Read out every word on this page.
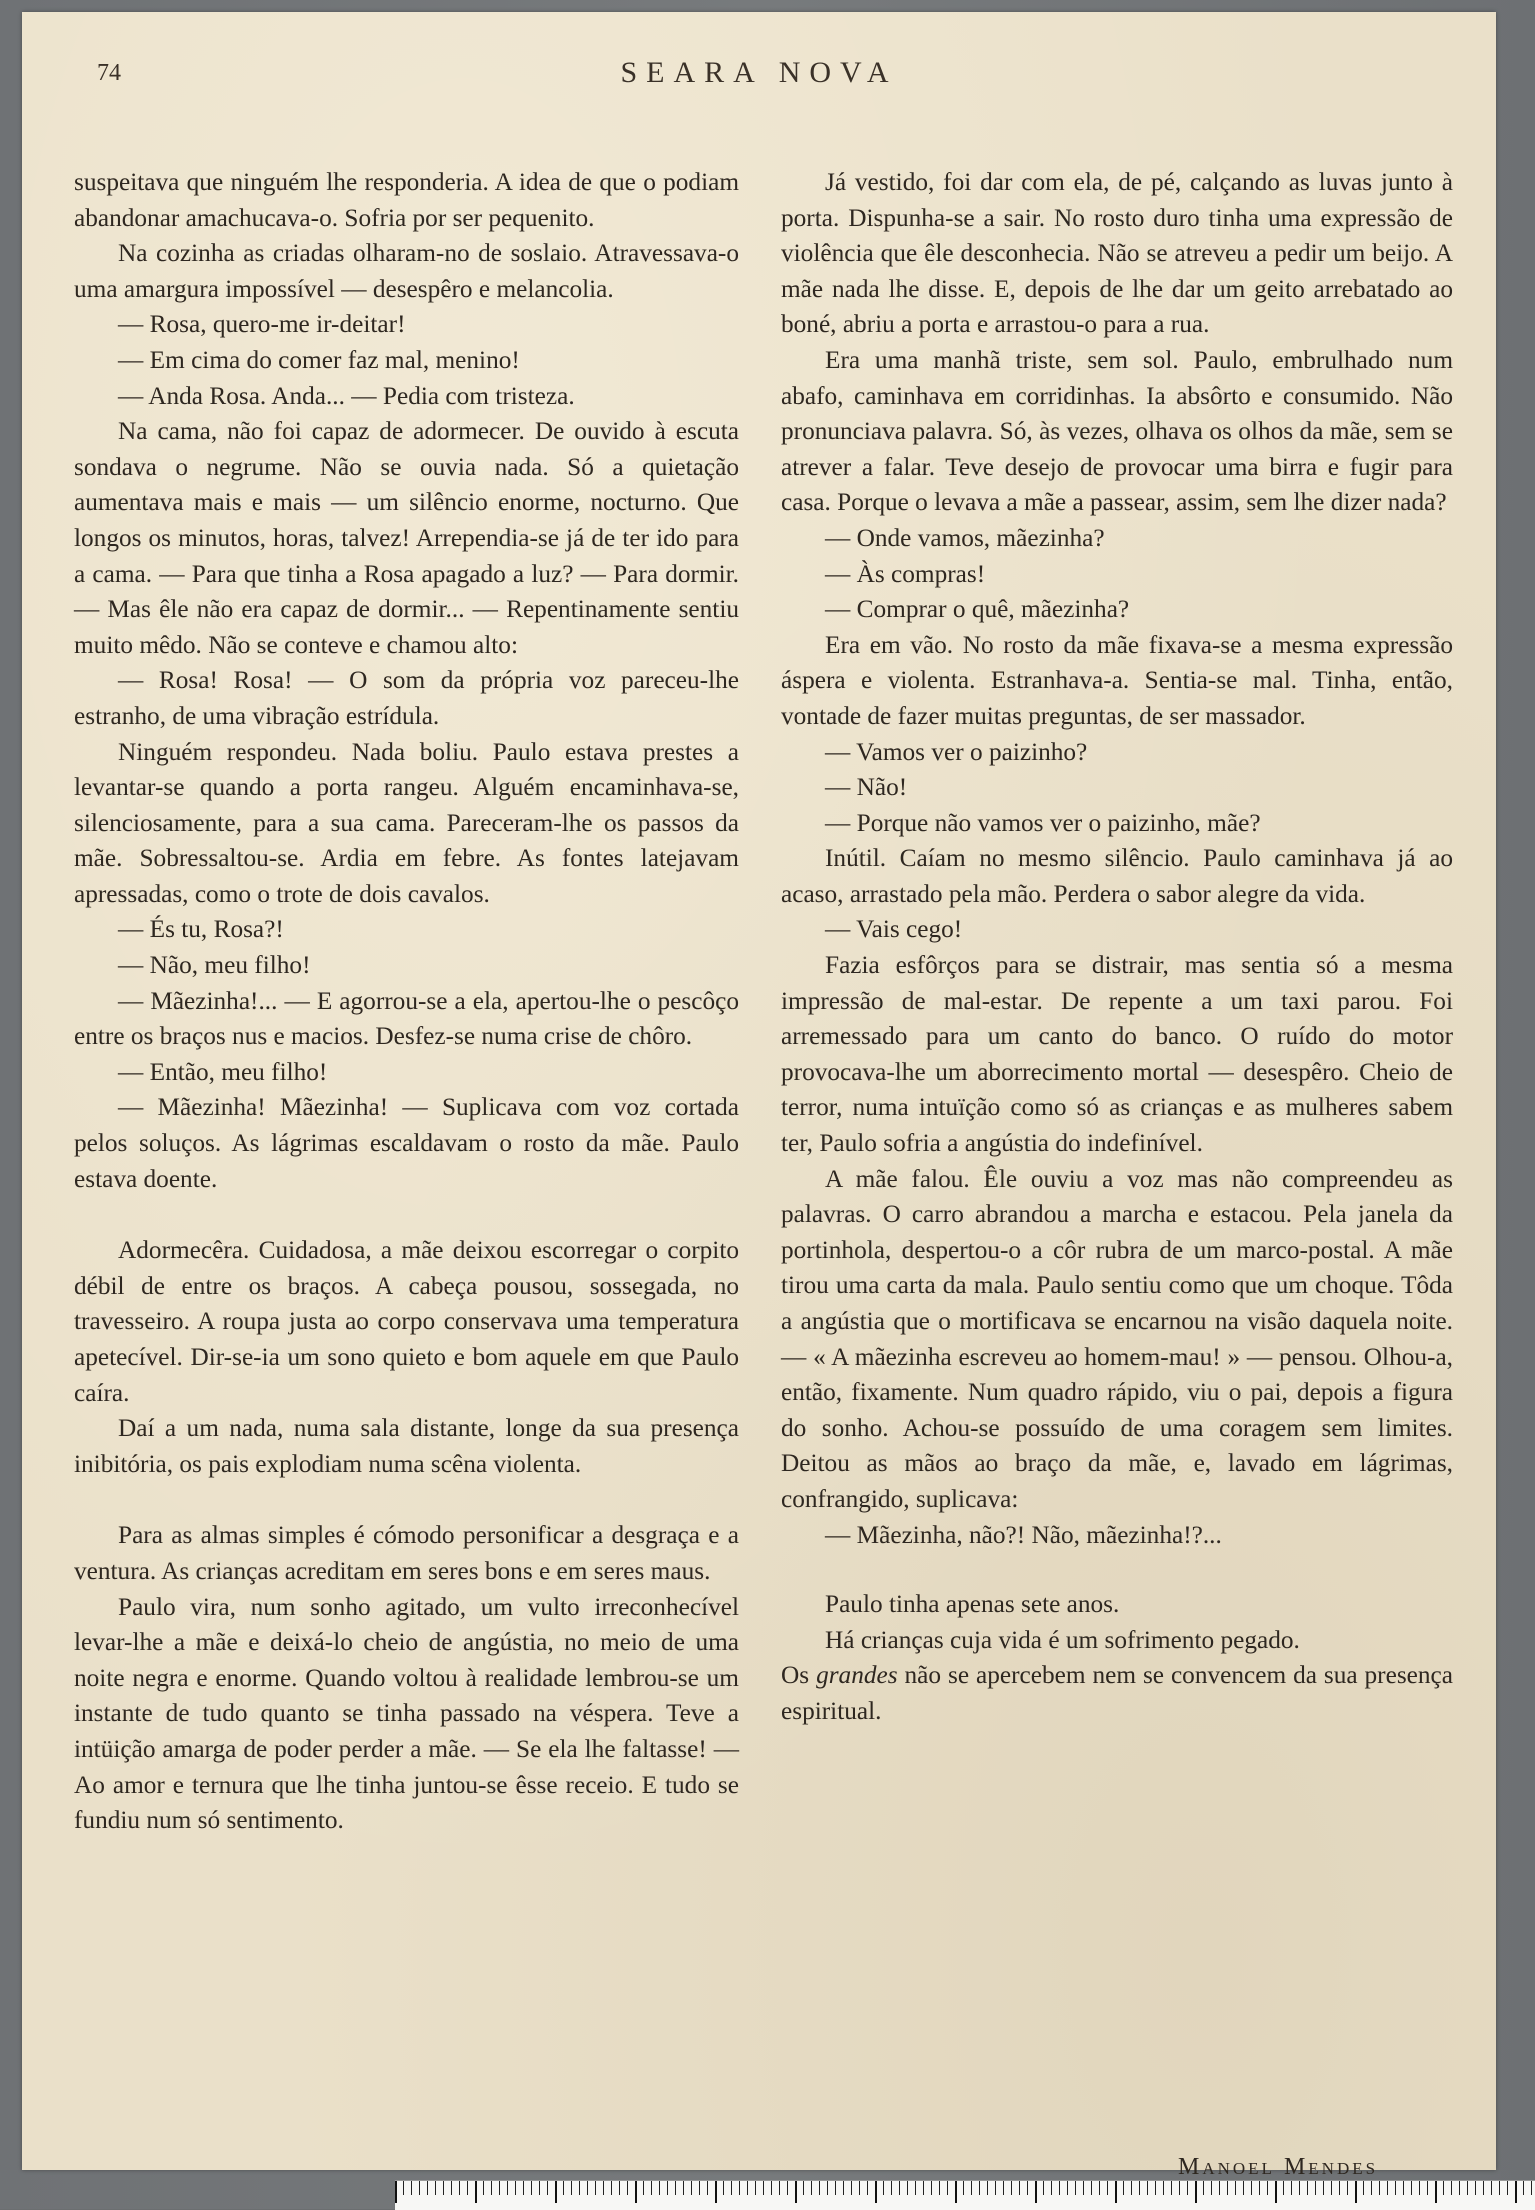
74	SEARA NOVA

suspeitava que ninguém lhe responderia. A idea de que o podiam abandonar amachucava-o. Sofria por ser pequenito.

Na cozinha as criadas olharam-no de soslaio. Atravessava-o uma amargura impossível — desespêro e melancolia.

— Rosa, quero-me ir-deitar!

— Em cima do comer faz mal, menino!

— Anda Rosa. Anda... — Pedia com tristeza.

Na cama, não foi capaz de adormecer. De ouvido à escuta sondava o negrume. Não se ouvia nada. Só a quietação aumentava mais e mais — um silêncio enorme, nocturno. Que longos os minutos, horas, talvez! Arrependia-se já de ter ido para a cama. — Para que tinha a Rosa apagado a luz? — Para dormir. — Mas êle não era capaz de dormir... — Repentinamente sentiu muito mêdo. Não se conteve e chamou alto:

— Rosa! Rosa! — O som da própria voz pareceu-lhe estranho, de uma vibração estrídula.

Ninguém respondeu. Nada boliu. Paulo estava prestes a levantar-se quando a porta rangeu. Alguém encaminhava-se, silenciosamente, para a sua cama. Pareceram-lhe os passos da mãe. Sobressaltou-se. Ardia em febre. As fontes latejavam apressadas, como o trote de dois cavalos.

— És tu, Rosa?!

— Não, meu filho!

— Mãezinha!... — E agorrou-se a ela, apertou-lhe o pescôço entre os braços nus e macios. Desfez-se numa crise de chôro.

— Então, meu filho!

— Mãezinha! Mãezinha! — Suplicava com voz cortada pelos soluços. As lágrimas escaldavam o rosto da mãe. Paulo estava doente.

Adormecêra. Cuidadosa, a mãe deixou escorregar o corpito débil de entre os braços. A cabeça pousou, sossegada, no travesseiro. A roupa justa ao corpo conservava uma temperatura apetecível. Dir-se-ia um sono quieto e bom aquele em que Paulo caíra.

Daí a um nada, numa sala distante, longe da sua presença inibitória, os pais explodiam numa scêna violenta.

Para as almas simples é cómodo personificar a desgraça e a ventura. As crianças acreditam em seres bons e em seres maus.

Paulo vira, num sonho agitado, um vulto irreconhecível levar-lhe a mãe e deixá-lo cheio de angústia, no meio de uma noite negra e enorme. Quando voltou à realidade lembrou-se um instante de tudo quanto se tinha passado na véspera. Teve a intüição amarga de poder perder a mãe. — Se ela lhe faltasse! — Ao amor e ternura que lhe tinha juntou-se êsse receio. E tudo se fundiu num só sentimento.

Já vestido, foi dar com ela, de pé, calçando as luvas junto à porta. Dispunha-se a sair. No rosto duro tinha uma expressão de violência que êle desconhecia. Não se atreveu a pedir um beijo. A mãe nada lhe disse. E, depois de lhe dar um geito arrebatado ao boné, abriu a porta e arrastou-o para a rua.

Era uma manhã triste, sem sol. Paulo, embrulhado num abafo, caminhava em corridinhas. Ia absôrto e consumido. Não pronunciava palavra. Só, às vezes, olhava os olhos da mãe, sem se atrever a falar. Teve desejo de provocar uma birra e fugir para casa. Porque o levava a mãe a passear, assim, sem lhe dizer nada?

— Onde vamos, mãezinha?

— Às compras!

— Comprar o quê, mãezinha?

Era em vão. No rosto da mãe fixava-se a mesma expressão áspera e violenta. Estranhava-a. Sentia-se mal. Tinha, então, vontade de fazer muitas preguntas, de ser massador.

— Vamos ver o paizinho?

— Não!

— Porque não vamos ver o paizinho, mãe?

Inútil. Caíam no mesmo silêncio. Paulo caminhava já ao acaso, arrastado pela mão. Perdera o sabor alegre da vida.

— Vais cego!

Fazia esfôrços para se distrair, mas sentia só a mesma impressão de mal-estar. De repente a um taxi parou. Foi arremessado para um canto do banco. O ruído do motor provocava-lhe um aborrecimento mortal — desespêro. Cheio de terror, numa intuïção como só as crianças e as mulheres sabem ter, Paulo sofria a angústia do indefinível.

A mãe falou. Êle ouviu a voz mas não compreendeu as palavras. O carro abrandou a marcha e estacou. Pela janela da portinhola, despertou-o a côr rubra de um marco-postal. A mãe tirou uma carta da mala. Paulo sentiu como que um choque. Tôda a angústia que o mortificava se encarnou na visão daquela noite. — « A mãezinha escreveu ao homem-mau! » — pensou. Olhou-a, então, fixamente. Num quadro rápido, viu o pai, depois a figura do sonho. Achou-se possuído de uma coragem sem limites. Deitou as mãos ao braço da mãe, e, lavado em lágrimas, confrangido, suplicava:

— Mãezinha, não?! Não, mãezinha!?...

Paulo tinha apenas sete anos.

Há crianças cuja vida é um sofrimento pegado.

Os grandes não se apercebem nem se convencem da sua presença espiritual.

Manoel Mendes
